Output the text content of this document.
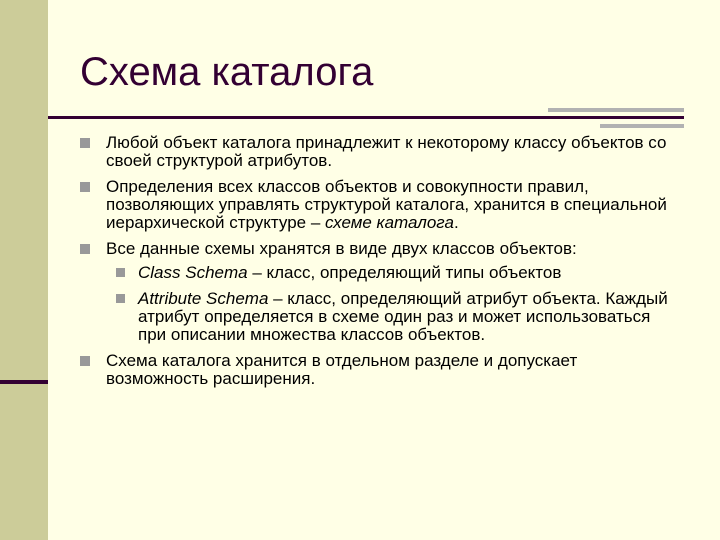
Схема каталога
Любой объект каталога принадлежит к некоторому классу объектов со своей структурой атрибутов.
Определения всех классов объектов и совокупности правил, позволяющих управлять структурой каталога, хранится в специальной иерархической структуре – схеме каталога.
Все данные схемы хранятся в виде двух классов объектов:
Class Schema – класс, определяющий типы объектов
Attribute Schema – класс, определяющий атрибут объекта. Каждый атрибут определяется в схеме один раз и может использоваться при описании множества классов объектов.
Схема каталога хранится в отдельном разделе и допускает возможность расширения.
